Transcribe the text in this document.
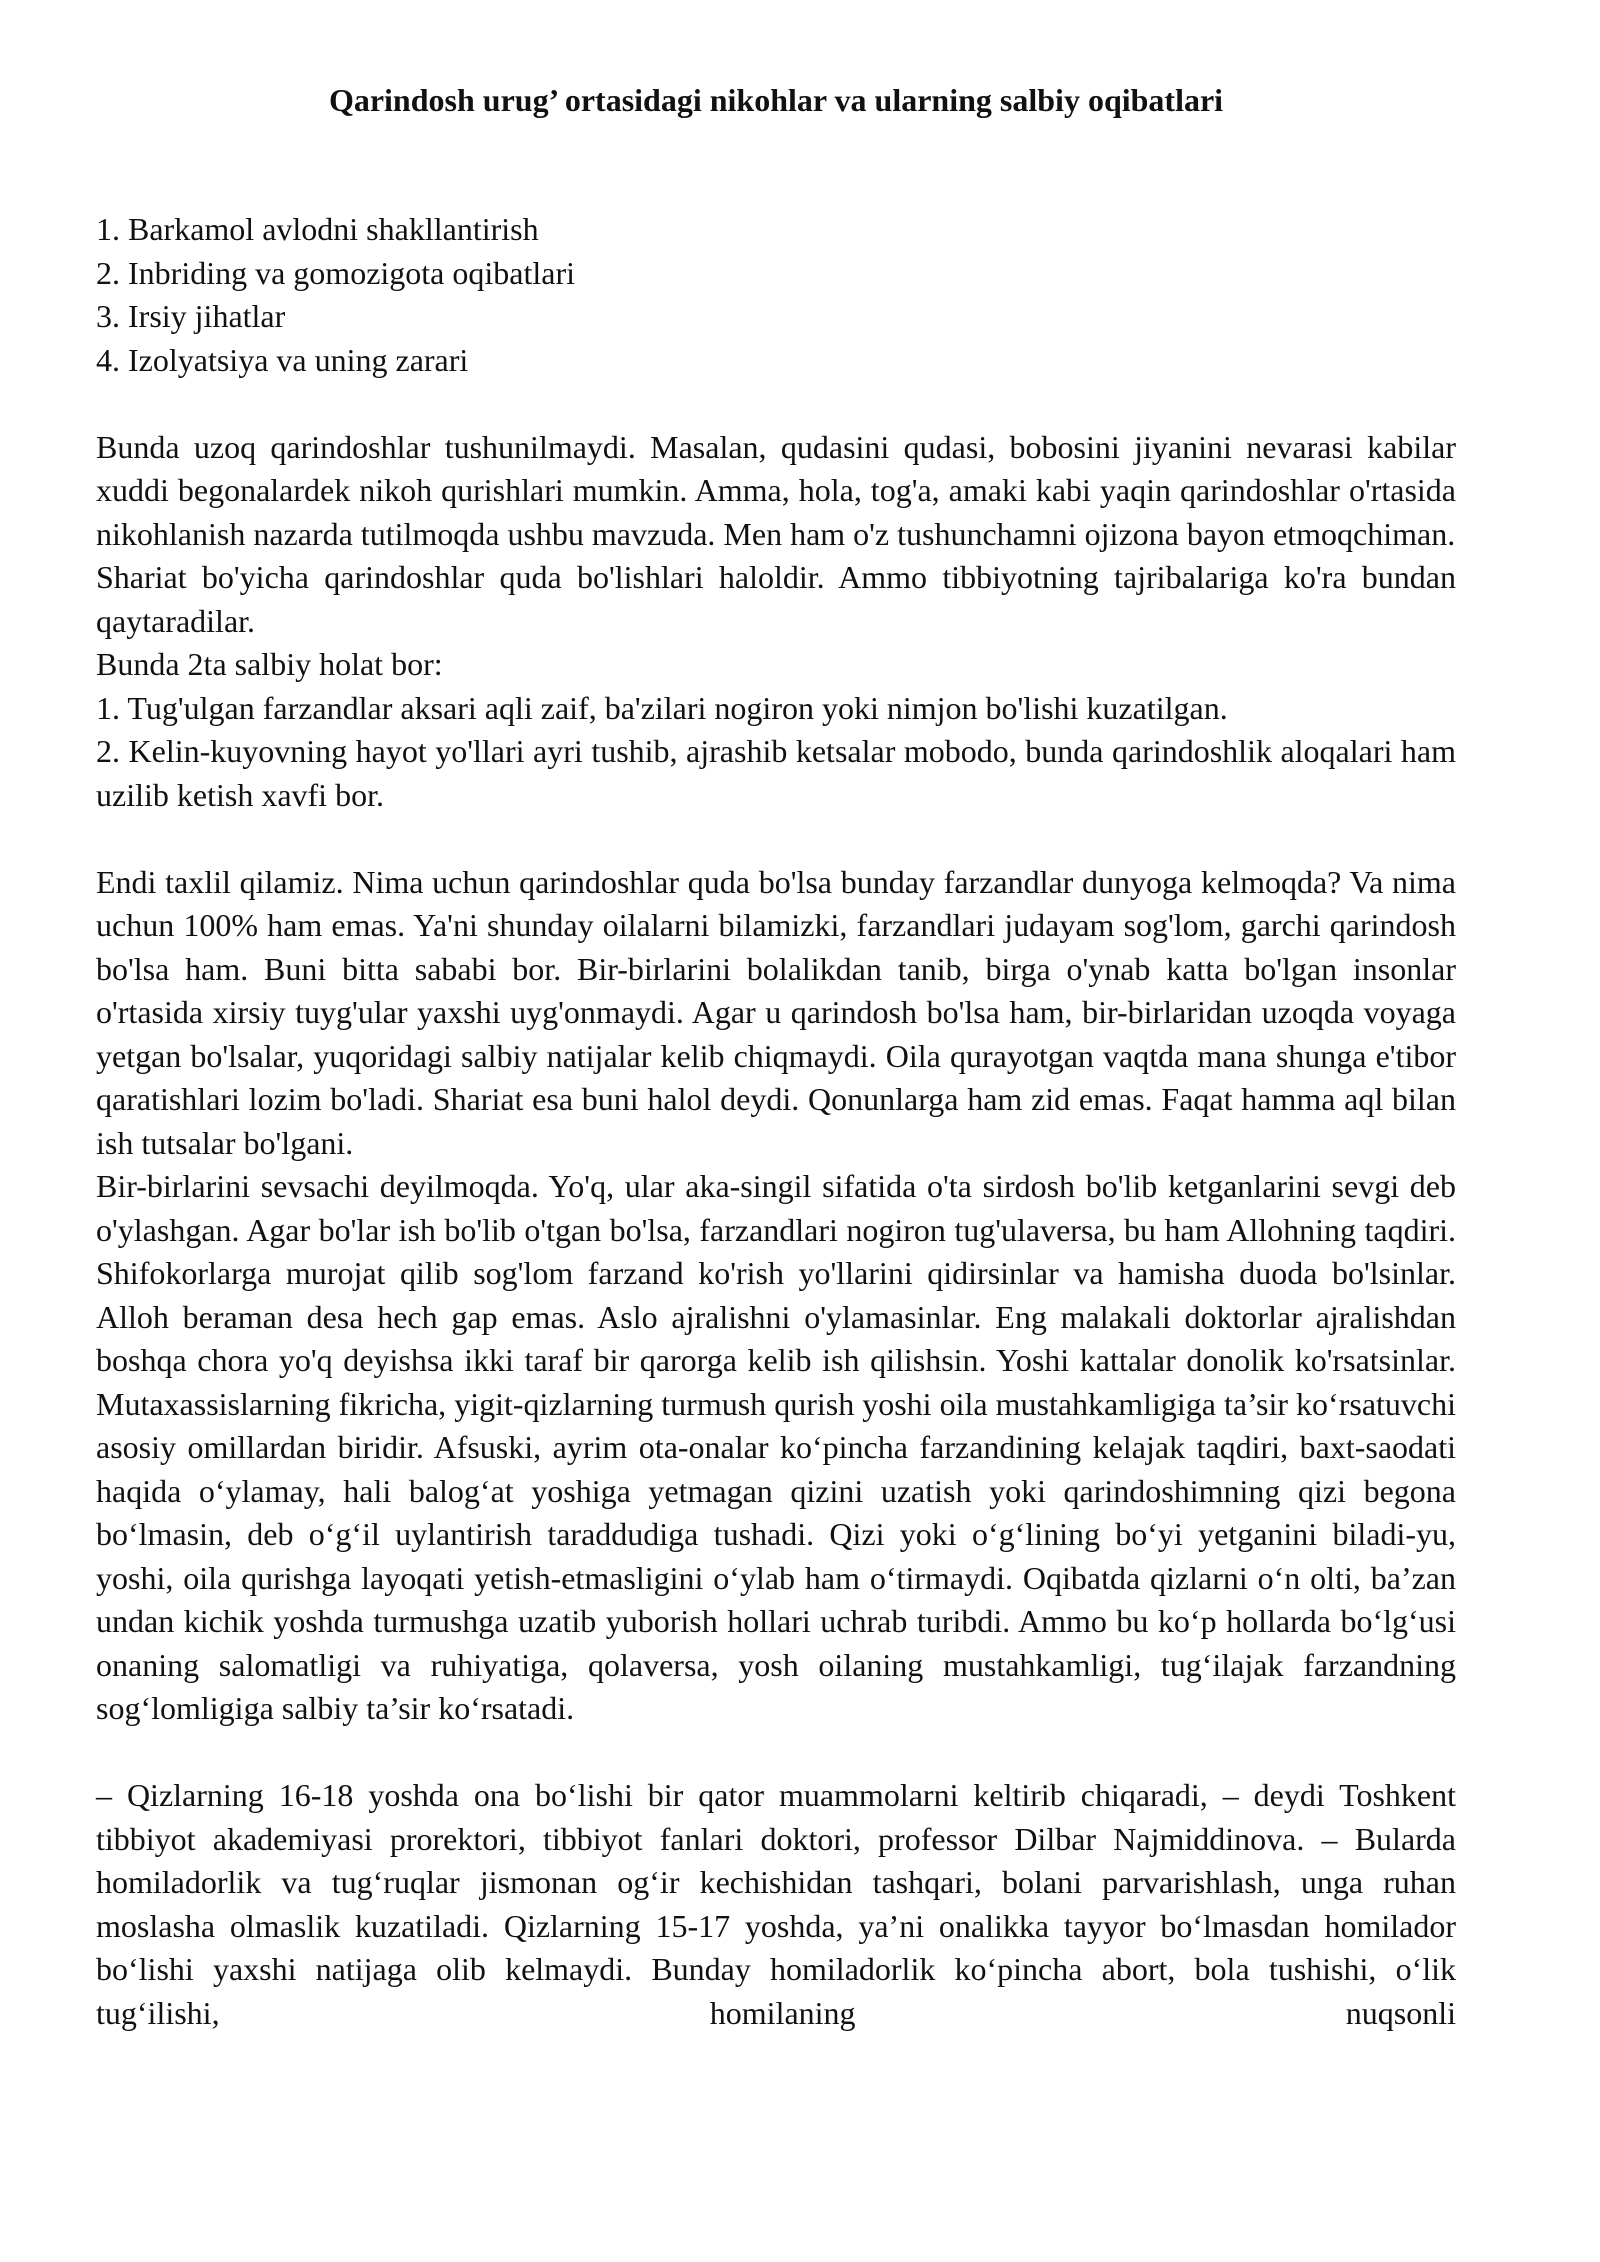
Qarindosh urug’ ortasidagi nikohlar va ularning salbiy oqibatlari

1. Barkamol avlodni shakllantirish

2. Inbriding va gomozigota oqibatlari

3. Irsiy jihatlar

4. Izolyatsiya va uning zarari

Bunda uzoq qarindoshlar tushunilmaydi. Masalan, qudasini qudasi, bobosini jiyanini nevarasi kabilar xuddi begonalardek nikoh qurishlari mumkin. Amma, hola, tog'a, amaki kabi yaqin qarindoshlar o'rtasida nikohlanish nazarda tutilmoqda ushbu mavzuda. Men ham o'z tushunchamni ojizona bayon etmoqchiman.

Shariat bo'yicha qarindoshlar quda bo'lishlari haloldir. Ammo tibbiyotning tajribalariga ko'ra bundan qaytaradilar.

Bunda 2ta salbiy holat bor:

1. Tug'ulgan farzandlar aksari aqli zaif, ba'zilari nogiron yoki nimjon bo'lishi kuzatilgan.

2. Kelin-kuyovning hayot yo'llari ayri tushib, ajrashib ketsalar mobodo, bunda qarindoshlik aloqalari ham uzilib ketish xavfi bor.

Endi taxlil qilamiz. Nima uchun qarindoshlar quda bo'lsa bunday farzandlar dunyoga kelmoqda? Va nima uchun 100% ham emas. Ya'ni shunday oilalarni bilamizki, farzandlari judayam sog'lom, garchi qarindosh bo'lsa ham. Buni bitta sababi bor. Bir-birlarini bolalikdan tanib, birga o'ynab katta bo'lgan insonlar o'rtasida xirsiy tuyg'ular yaxshi uyg'onmaydi. Agar u qarindosh bo'lsa ham, bir-birlaridan uzoqda voyaga yetgan bo'lsalar, yuqoridagi salbiy natijalar kelib chiqmaydi. Oila qurayotgan vaqtda mana shunga e'tibor qaratishlari lozim bo'ladi. Shariat esa buni halol deydi. Qonunlarga ham zid emas. Faqat hamma aql bilan ish tutsalar bo'lgani.

Bir-birlarini sevsachi deyilmoqda. Yo'q, ular aka-singil sifatida o'ta sirdosh bo'lib ketganlarini sevgi deb o'ylashgan. Agar bo'lar ish bo'lib o'tgan bo'lsa, farzandlari nogiron tug'ulaversa, bu ham Allohning taqdiri. Shifokorlarga murojat qilib sog'lom farzand ko'rish yo'llarini qidirsinlar va hamisha duoda bo'lsinlar. Alloh beraman desa hech gap emas. Aslo ajralishni o'ylamasinlar. Eng malakali doktorlar ajralishdan boshqa chora yo'q deyishsa ikki taraf bir qarorga kelib ish qilishsin. Yoshi kattalar donolik ko'rsatsinlar. Mutaxassislarning fikricha, yigit-qizlarning turmush qurish yoshi oila mustahkamligiga ta’sir ko‘rsatuvchi asosiy omillardan biridir. Afsuski, ayrim ota-onalar ko‘pincha farzandining kelajak taqdiri, baxt-saodati haqida o‘ylamay, hali balog‘at yoshiga yetmagan qizini uzatish yoki qarindoshimning qizi begona bo‘lmasin, deb o‘g‘il uylantirish taraddudiga tushadi. Qizi yoki o‘g‘lining bo‘yi yetganini biladi-yu, yoshi, oila qurishga layoqati yetish-etmasligini o‘ylab ham o‘tirmaydi. Oqibatda qizlarni o‘n olti, ba’zan undan kichik yoshda turmushga uzatib yuborish hollari uchrab turibdi. Ammo bu ko‘p hollarda bo‘lg‘usi onaning salomatligi va ruhiyatiga, qolaversa, yosh oilaning mustahkamligi, tug‘ilajak farzandning sog‘lomligiga salbiy ta’sir ko‘rsatadi.

– Qizlarning 16-18 yoshda ona bo‘lishi bir qator muammolarni keltirib chiqaradi, – deydi Toshkent tibbiyot akademiyasi prorektori, tibbiyot fanlari doktori, professor Dilbar Najmiddinova. – Bularda homiladorlik va tug‘ruqlar jismonan og‘ir kechishidan tashqari, bolani parvarishlash, unga ruhan moslasha olmaslik kuzatiladi. Qizlarning 15-17 yoshda, ya’ni onalikka tayyor bo‘lmasdan homilador bo‘lishi yaxshi natijaga olib kelmaydi. Bunday homiladorlik ko‘pincha abort, bola tushishi, o‘lik tug‘ilishi, homilaning nuqsonli
